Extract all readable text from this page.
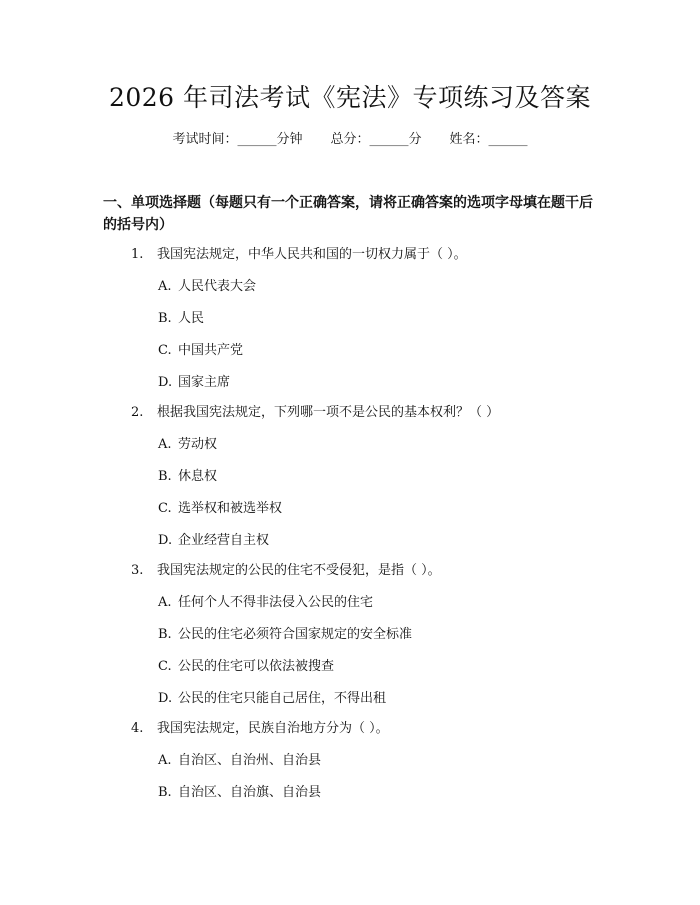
2026 年司法考试《宪法》专项练习及答案
考试时间：______分钟 总分：______分 姓名：______
一、单项选择题（每题只有一个正确答案，请将正确答案的选项字母填在题干后的括号内）
1. 我国宪法规定，中华人民共和国的一切权力属于（ ）。
A. 人民代表大会
B. 人民
C. 中国共产党
D. 国家主席
2. 根据我国宪法规定，下列哪一项不是公民的基本权利？（ ）
A. 劳动权
B. 休息权
C. 选举权和被选举权
D. 企业经营自主权
3. 我国宪法规定的公民的住宅不受侵犯，是指（ ）。
A. 任何个人不得非法侵入公民的住宅
B. 公民的住宅必须符合国家规定的安全标准
C. 公民的住宅可以依法被搜查
D. 公民的住宅只能自己居住，不得出租
4. 我国宪法规定，民族自治地方分为（ ）。
A. 自治区、自治州、自治县
B. 自治区、自治旗、自治县
